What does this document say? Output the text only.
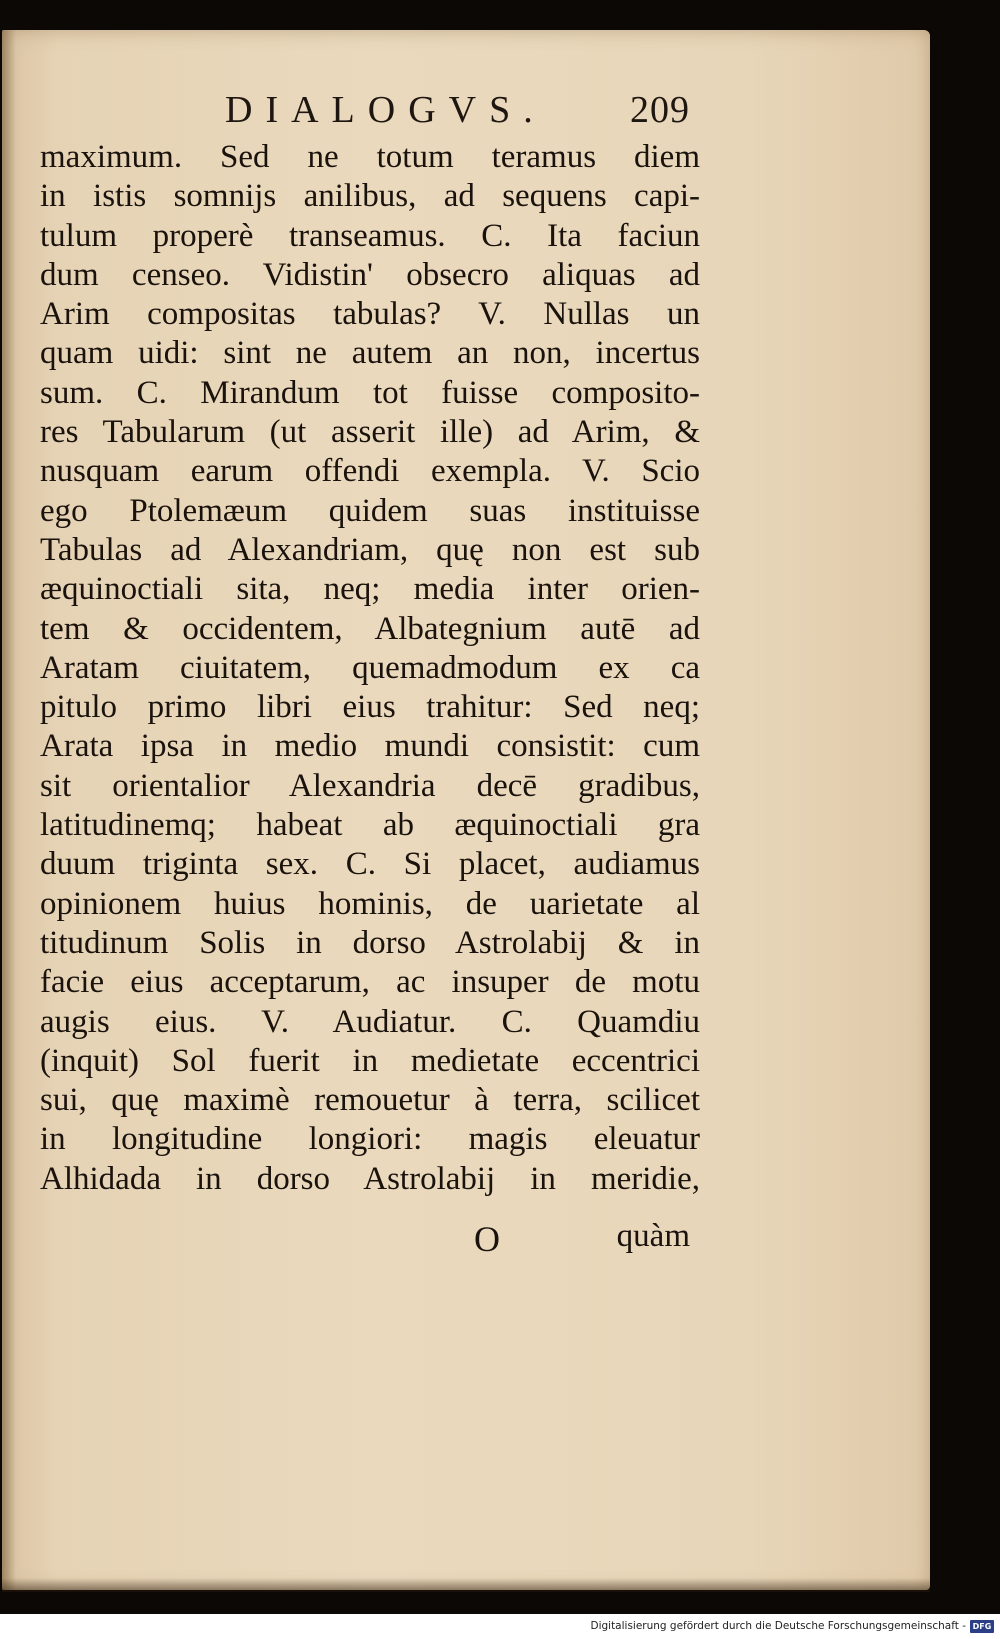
DIALOGVS. 209
maximum. Sed ne totum teramus diem
in istis somnijs anilibus, ad sequens capi-
tulum properè transeamus. C. Ita faciun
dum censeo. Vidistin' obsecro aliquas ad
Arim compositas tabulas? V. Nullas un
quam uidi: sint ne autem an non, incertus
sum. C. Mirandum tot fuisse composito-
res Tabularum (ut asserit ille) ad Arim, &
nusquam earum offendi exempla. V. Scio
ego Ptolemæum quidem suas instituisse
Tabulas ad Alexandriam, quę non est sub
æquinoctiali sita, neq; media inter orien-
tem & occidentem, Albategnium autē ad
Aratam ciuitatem, quemadmodum ex ca
pitulo primo libri eius trahitur: Sed neq;
Arata ipsa in medio mundi consistit: cum
sit orientalior Alexandria decē gradibus,
latitudinemq; habeat ab æquinoctiali gra
duum triginta sex. C. Si placet, audiamus
opinionem huius hominis, de uarietate al
titudinum Solis in dorso Astrolabij & in
facie eius acceptarum, ac insuper de motu
augis eius. V. Audiatur. C. Quamdiu
(inquit) Sol fuerit in medietate eccentrici
sui, quę maximè remouetur à terra, scilicet
in longitudine longiori: magis eleuatur
Alhidada in dorso Astrolabij in meridie,
O	quàm
Digitalisierung gefördert durch die Deutsche Forschungsgemeinschaft - DFG
